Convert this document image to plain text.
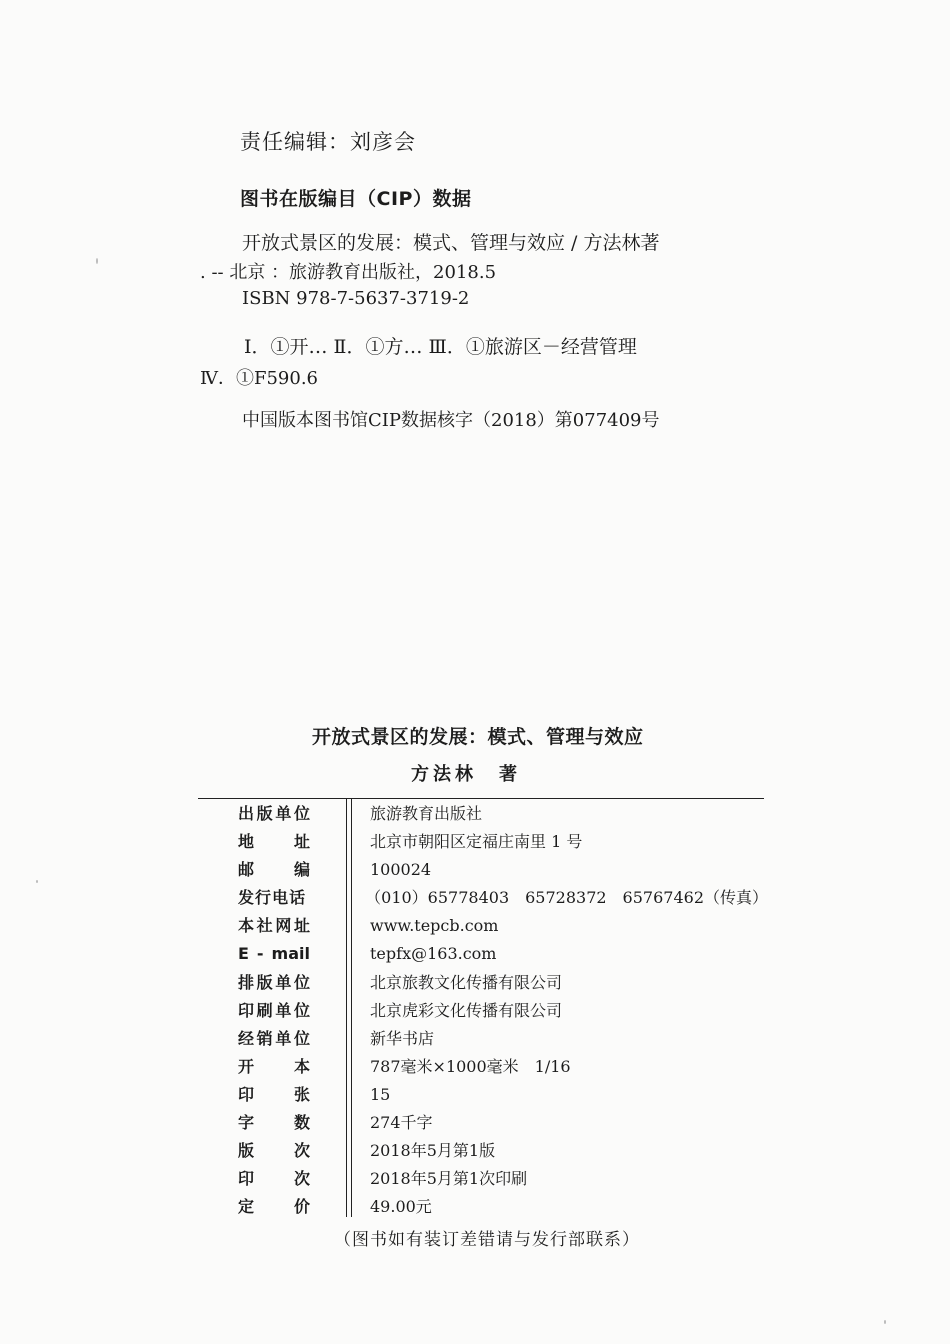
责任编辑：刘彦会
图书在版编目（CIP）数据
开放式景区的发展：模式、管理与效应 / 方法林著
. -- 北京 ：旅游教育出版社，2018.5
ISBN 978-7-5637-3719-2
Ⅰ．①开… Ⅱ．①方… Ⅲ．①旅游区－经营管理
Ⅳ．①F590.6
中国版本图书馆CIP数据核字（2018）第077409号
开放式景区的发展：模式、管理与效应
方法林　著
出版单位	旅游教育出版社
地　址	北京市朝阳区定福庄南里 1 号
邮　编	100024
发行电话	（010）65778403　65728372　65767462（传真）
本社网址	www.tepcb.com
E - mail	tepfx@163.com
排版单位	北京旅教文化传播有限公司
印刷单位	北京虎彩文化传播有限公司
经销单位	新华书店
开　本	787毫米×1000毫米　1/16
印　张	15
字　数	274千字
版　次	2018年5月第1版
印　次	2018年5月第1次印刷
定　价	49.00元
（图书如有装订差错请与发行部联系）
